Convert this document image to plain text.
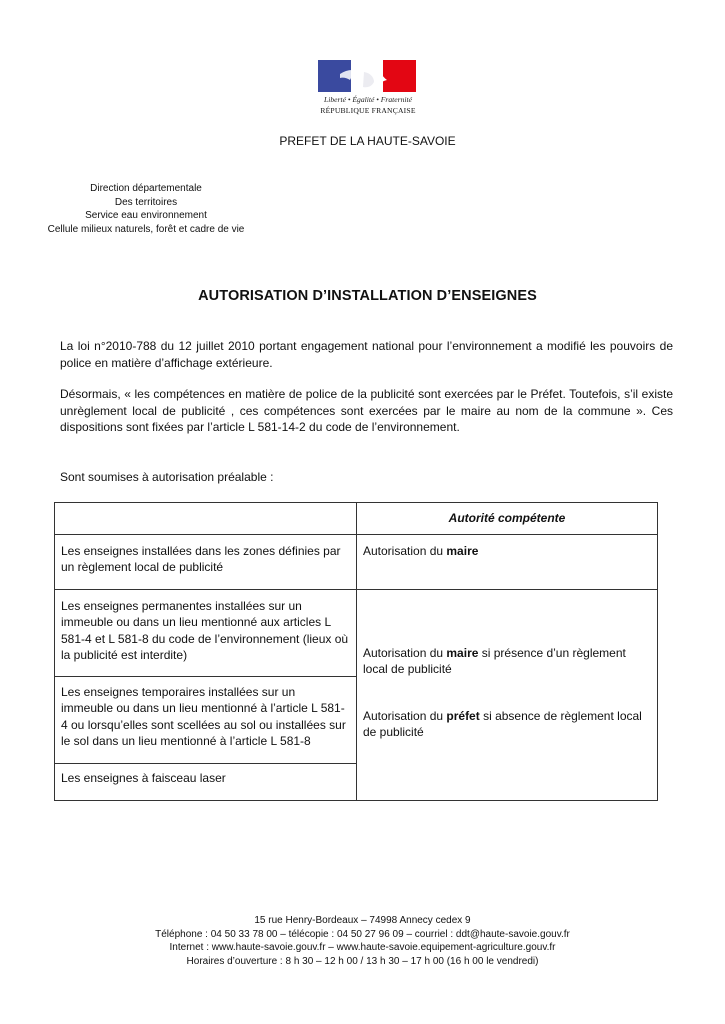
Liberté • Égalité • Fraternité
RÉPUBLIQUE FRANÇAISE
PREFET DE LA HAUTE-SAVOIE
Direction départementale
Des territoires
Service eau environnement
Cellule milieux naturels, forêt et cadre de vie
AUTORISATION D’INSTALLATION D’ENSEIGNES

La loi n°2010-788 du 12 juillet 2010 portant engagement national pour l’environnement a modifié les pouvoirs de police en matière d’affichage extérieure.

Désormais, « les compétences en matière de police de la publicité sont exercées par le Préfet. Toutefois, s’il existe unrèglement local de publicité , ces compétences sont exercées par le maire au nom de la commune ». Ces dispositions sont fixées par l’article L 581-14-2 du code de l’environnement.

Sont soumises à autorisation préalable :

	Autorité compétente
Les enseignes installées dans les zones définies par un règlement local de publicité	Autorisation du maire
Les enseignes permanentes installées sur un immeuble ou dans un lieu mentionné aux articles L 581-4 et L 581-8 du code de l’environnement (lieux où la publicité est interdite)	Autorisation du maire si présence d’un règlement local de publicité
Autorisation du préfet si absence de règlement local de publicité

Les enseignes temporaires installées sur un immeuble ou dans un lieu mentionné à l’article L 581-4 ou lorsqu’elles sont scellées au sol ou installées sur le sol dans un lieu mentionné à l’article L 581-8	
Les enseignes à faisceau laser	
15 rue Henry-Bordeaux – 74998 Annecy cedex 9
Téléphone : 04 50 33 78 00 – télécopie : 04 50 27 96 09 – courriel : ddt@haute-savoie.gouv.fr
Internet : www.haute-savoie.gouv.fr – www.haute-savoie.equipement-agriculture.gouv.fr
Horaires d’ouverture : 8 h 30 – 12 h 00 / 13 h 30 – 17 h 00 (16 h 00 le vendredi)
